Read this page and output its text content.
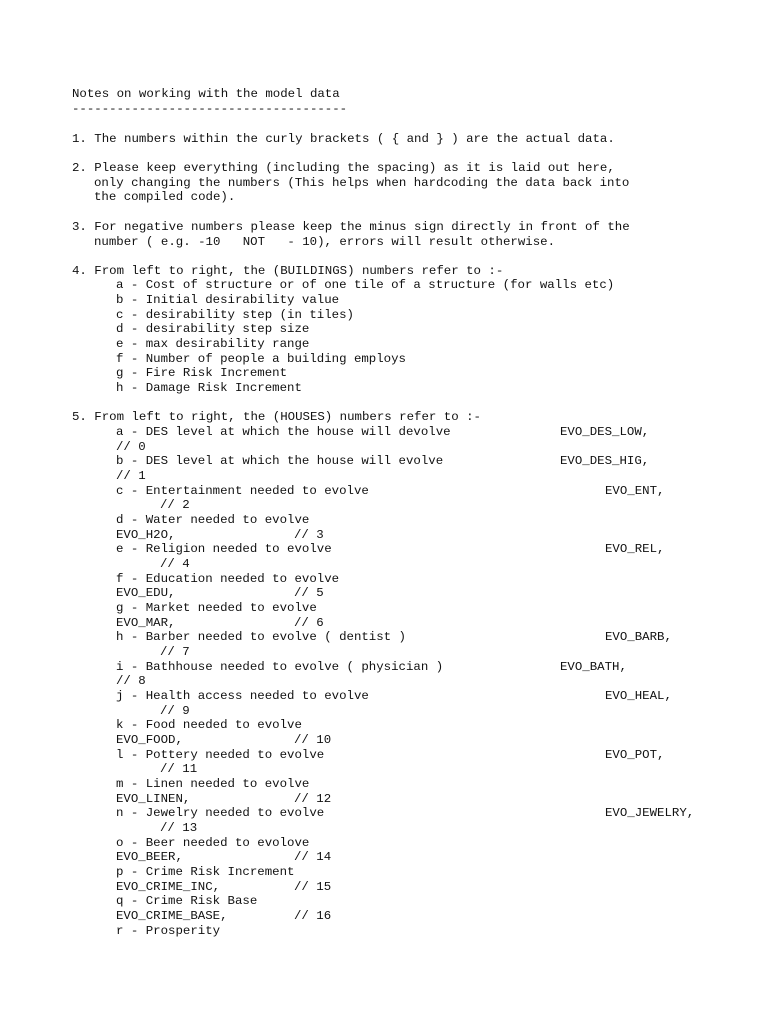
Notes on working with the model data
-------------------------------------
1. The numbers within the curly brackets ( { and } ) are the actual data.
2. Please keep everything (including the spacing) as it is laid out here,
only changing the numbers (This helps when hardcoding the data back into
the compiled code).
3. For negative numbers please keep the minus sign directly in front of the
number ( e.g. -10   NOT   - 10), errors will result otherwise.
4. From left to right, the (BUILDINGS) numbers refer to :-
a - Cost of structure or of one tile of a structure (for walls etc)
b - Initial desirability value
c - desirability step (in tiles)
d - desirability step size
e - max desirability range
f - Number of people a building employs
g - Fire Risk Increment
h - Damage Risk Increment
5. From left to right, the (HOUSES) numbers refer to :-
a - DES level at which the house will devolve	EVO_DES_LOW,
// 0
b - DES level at which the house will evolve	EVO_DES_HIG,
// 1
c - Entertainment needed to evolve	EVO_ENT,
// 2
d - Water needed to evolve
EVO_H2O,	// 3
e - Religion needed to evolve	EVO_REL,
// 4
f - Education needed to evolve
EVO_EDU,	// 5
g - Market needed to evolve
EVO_MAR,	// 6
h - Barber needed to evolve ( dentist )	EVO_BARB,
// 7
i - Bathhouse needed to evolve ( physician )	EVO_BATH,
// 8
j - Health access needed to evolve	EVO_HEAL,
// 9
k - Food needed to evolve
EVO_FOOD,	// 10
l - Pottery needed to evolve	EVO_POT,
// 11
m - Linen needed to evolve
EVO_LINEN,	// 12
n - Jewelry needed to evolve	EVO_JEWELRY,
// 13
o - Beer needed to evolove
EVO_BEER,	// 14
p - Crime Risk Increment
EVO_CRIME_INC,	// 15
q - Crime Risk Base
EVO_CRIME_BASE,	// 16
r - Prosperity
